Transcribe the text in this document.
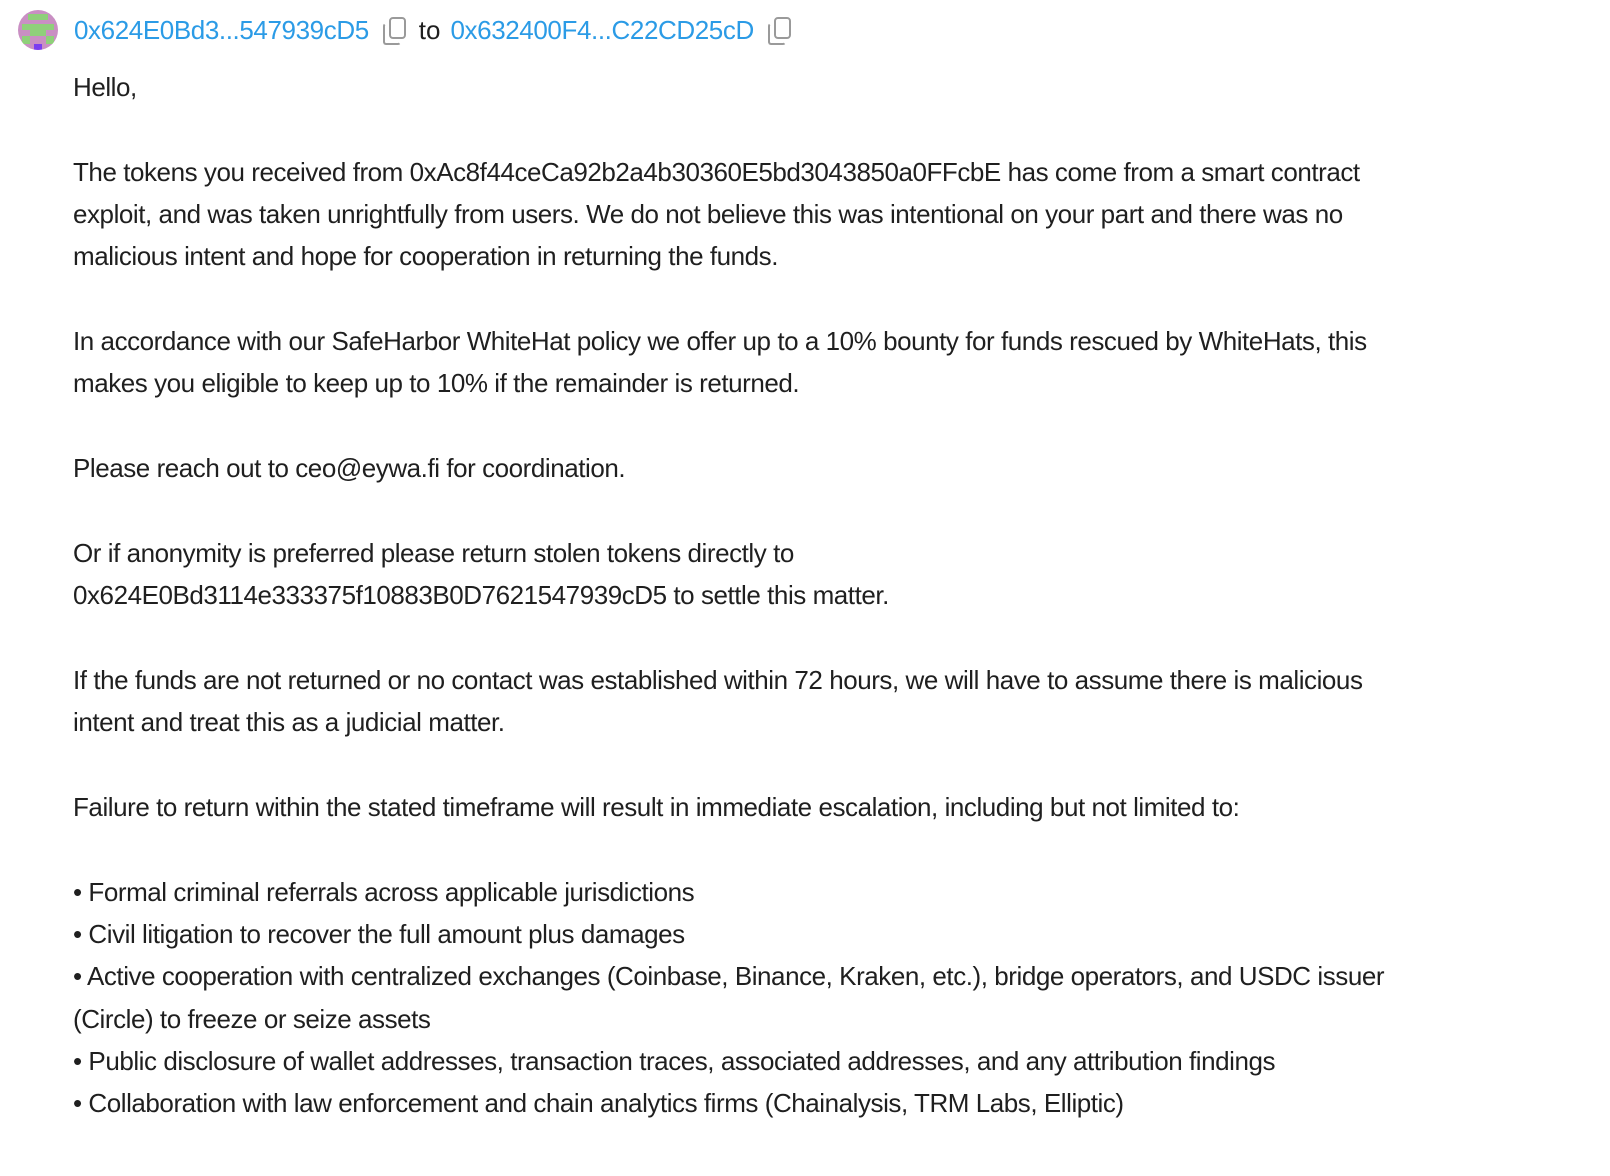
0x624E0Bd3...547939cD5 to 0x632400F4...C22CD25cD
Hello,
The tokens you received from 0xAc8f44ceCa92b2a4b30360E5bd3043850a0FFcbE has come from a smart contract
exploit, and was taken unrightfully from users. We do not believe this was intentional on your part and there was no
malicious intent and hope for cooperation in returning the funds.
In accordance with our SafeHarbor WhiteHat policy we offer up to a 10% bounty for funds rescued by WhiteHats, this
makes you eligible to keep up to 10% if the remainder is returned.
Please reach out to ceo@eywa.fi for coordination.
Or if anonymity is preferred please return stolen tokens directly to
0x624E0Bd3114e333375f10883B0D7621547939cD5 to settle this matter.
If the funds are not returned or no contact was established within 72 hours, we will have to assume there is malicious
intent and treat this as a judicial matter.
Failure to return within the stated timeframe will result in immediate escalation, including but not limited to:
• Formal criminal referrals across applicable jurisdictions
• Civil litigation to recover the full amount plus damages
• Active cooperation with centralized exchanges (Coinbase, Binance, Kraken, etc.), bridge operators, and USDC issuer
(Circle) to freeze or seize assets
• Public disclosure of wallet addresses, transaction traces, associated addresses, and any attribution findings
• Collaboration with law enforcement and chain analytics firms (Chainalysis, TRM Labs, Elliptic)
